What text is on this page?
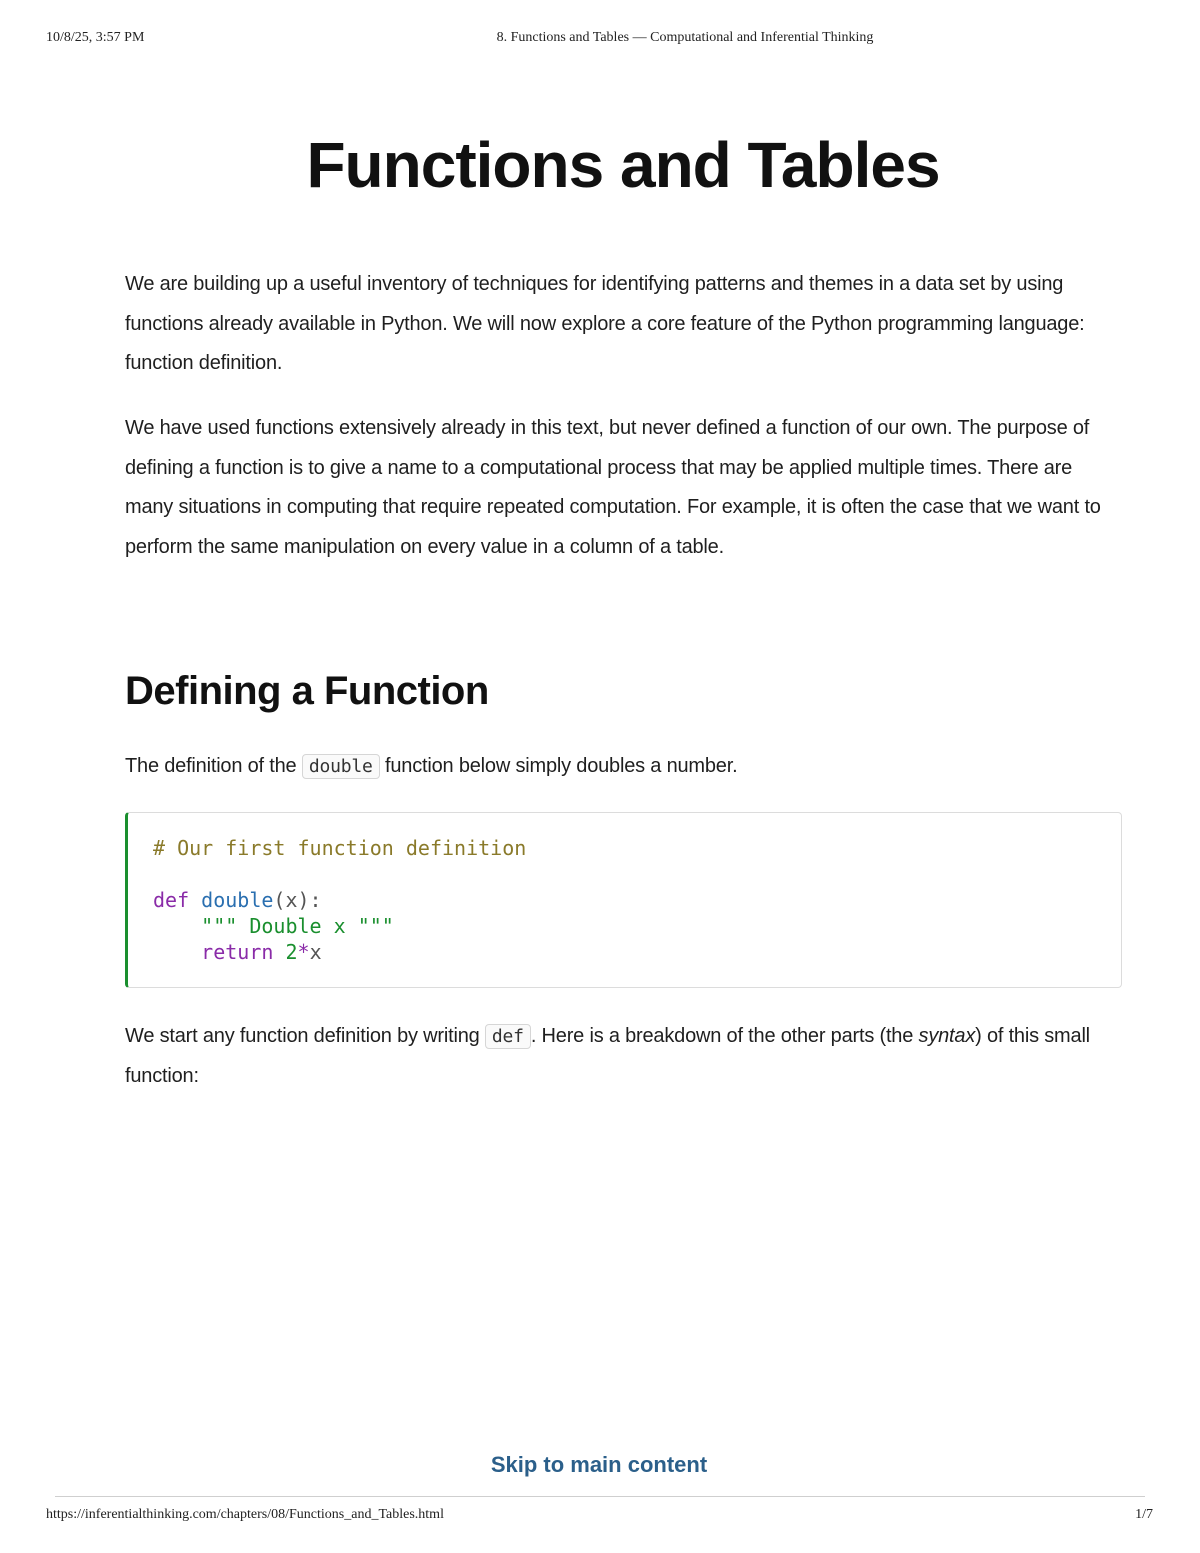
10/8/25, 3:57 PM	8. Functions and Tables — Computational and Inferential Thinking
Functions and Tables

We are building up a useful inventory of techniques for identifying patterns and themes in a data set by using functions already available in Python. We will now explore a core feature of the Python programming language: function definition.

We have used functions extensively already in this text, but never defined a function of our own. The purpose of defining a function is to give a name to a computational process that may be applied multiple times. There are many situations in computing that require repeated computation. For example, it is often the case that we want to perform the same manipulation on every value in a column of a table.

Defining a Function

The definition of the double function below simply doubles a number.

# Our first function definition

def double(x):
""" Double x """
return 2*x

We start any function definition by writing def . Here is a breakdown of the other parts (the syntax) of this small function:

Skip to main content
https://inferentialthinking.com/chapters/08/Functions_and_Tables.html	1/7
